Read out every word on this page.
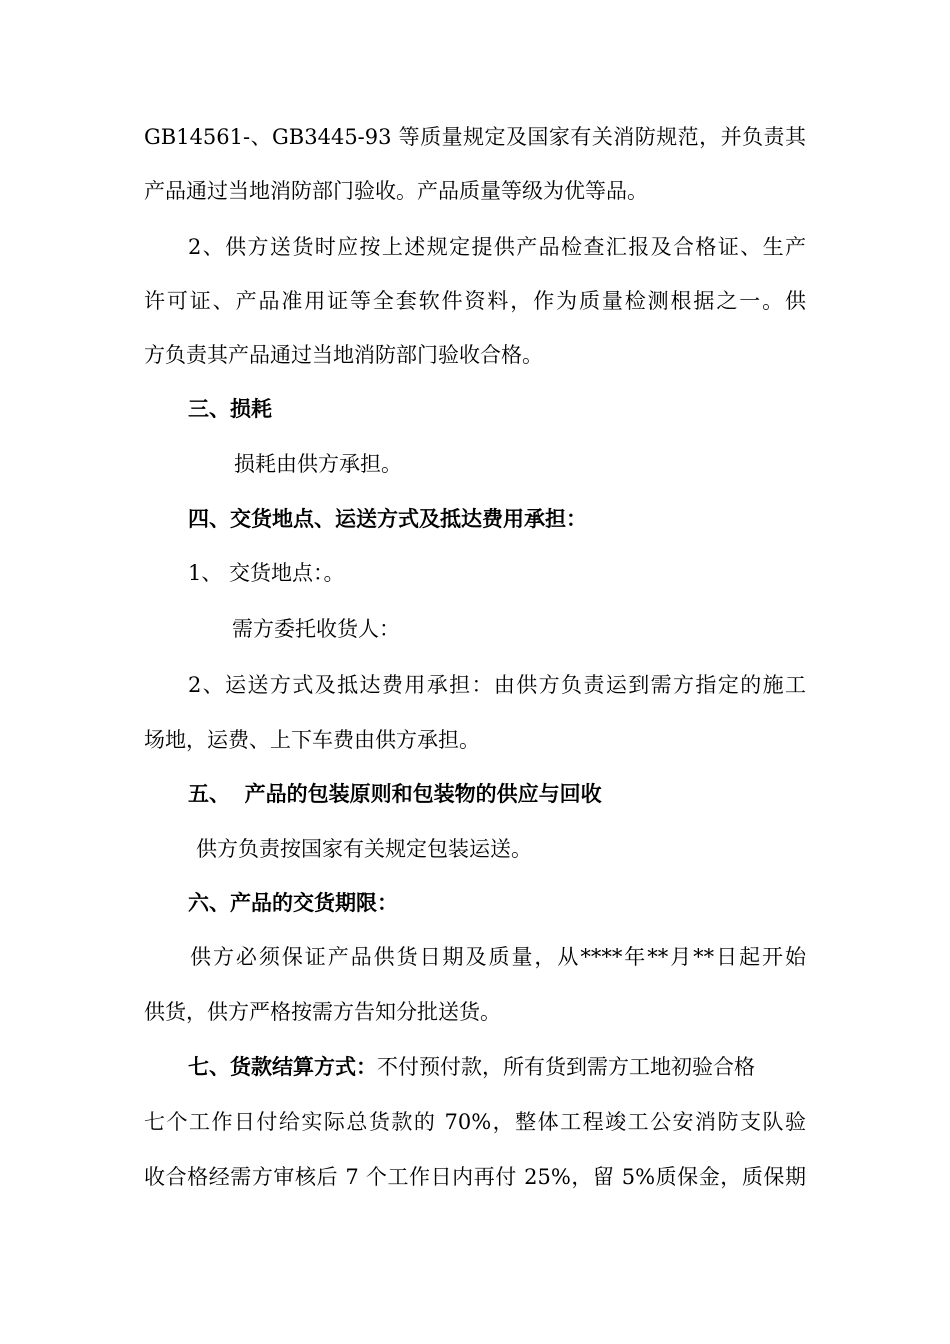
GB14561-、GB3445-93 等质量规定及国家有关消防规范，并负责其
产品通过当地消防部门验收。产品质量等级为优等品。
2、供方送货时应按上述规定提供产品检查汇报及合格证、生产
许可证、产品准用证等全套软件资料，作为质量检测根据之一。供
方负责其产品通过当地消防部门验收合格。
三、损耗
损耗由供方承担。
四、交货地点、运送方式及抵达费用承担：
1、 交货地点：。
需方委托收货人：
2、运送方式及抵达费用承担：由供方负责运到需方指定的施工
场地，运费、上下车费由供方承担。
五、  产品的包装原则和包装物的供应与回收
供方负责按国家有关规定包装运送。
六、产品的交货期限：
供方必须保证产品供货日期及质量，从****年**月**日起开始
供货，供方严格按需方告知分批送货。
七、货款结算方式：不付预付款，所有货到需方工地初验合格
七个工作日付给实际总货款的 70%，整体工程竣工公安消防支队验
收合格经需方审核后 7 个工作日内再付 25%，留 5%质保金，质保期
